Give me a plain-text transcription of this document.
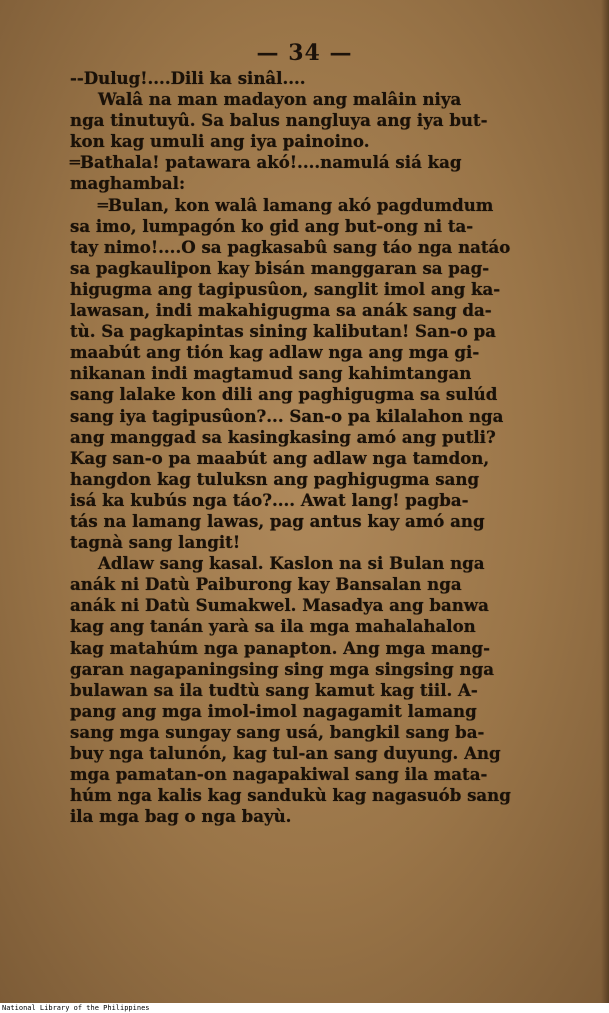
— 34 —
--Dulug!....Dili ka sinâl....
Walâ na man madayon ang malâin niya
nga tinutuyû. Sa balus nangluya ang iya but-
kon kag umuli ang iya painoino.
═Bathala! patawara akó!....namulá siá kag
maghambal:
═Bulan, kon walâ lamang akó pagdumdum
sa imo, lumpagón ko gid ang but-ong ni ta-
tay nimo!....O sa pagkasabû sang táo nga natáo
sa pagkaulipon kay bisán manggaran sa pag-
higugma ang tagipusûon, sanglit imol ang ka-
lawasan, indi makahigugma sa anák sang da-
tù. Sa pagkapintas sining kalibutan! San-o pa
maabút ang tión kag adlaw nga ang mga gi-
nikanan indi magtamud sang kahimtangan
sang lalake kon dili ang paghigugma sa sulúd
sang iya tagipusûon?... San-o pa kilalahon nga
ang manggad sa kasingkasing amó ang putli?
Kag san-o pa maabút ang adlaw nga tamdon,
hangdon kag tuluksn ang paghigugma sang
isá ka kubús nga táo?.... Awat lang! pagba-
tás na lamang lawas, pag antus kay amó ang
tagnà sang langit!
Adlaw sang kasal. Kaslon na si Bulan nga
anák ni Datù Paiburong kay Bansalan nga
anák ni Datù Sumakwel. Masadya ang banwa
kag ang tanán yarà sa ila mga mahalahalon
kag matahúm nga panapton. Ang mga mang-
garan nagapaningsing sing mga singsing nga
bulawan sa ila tudtù sang kamut kag tiil. A-
pang ang mga imol-imol nagagamit lamang
sang mga sungay sang usá, bangkil sang ba-
buy nga talunón, kag tul-an sang duyung. Ang
mga pamatan-on nagapakiwal sang ila mata-
húm nga kalis kag sandukù kag nagasuób sang
ila mga bag o nga bayù.
National Library of the Philippines
